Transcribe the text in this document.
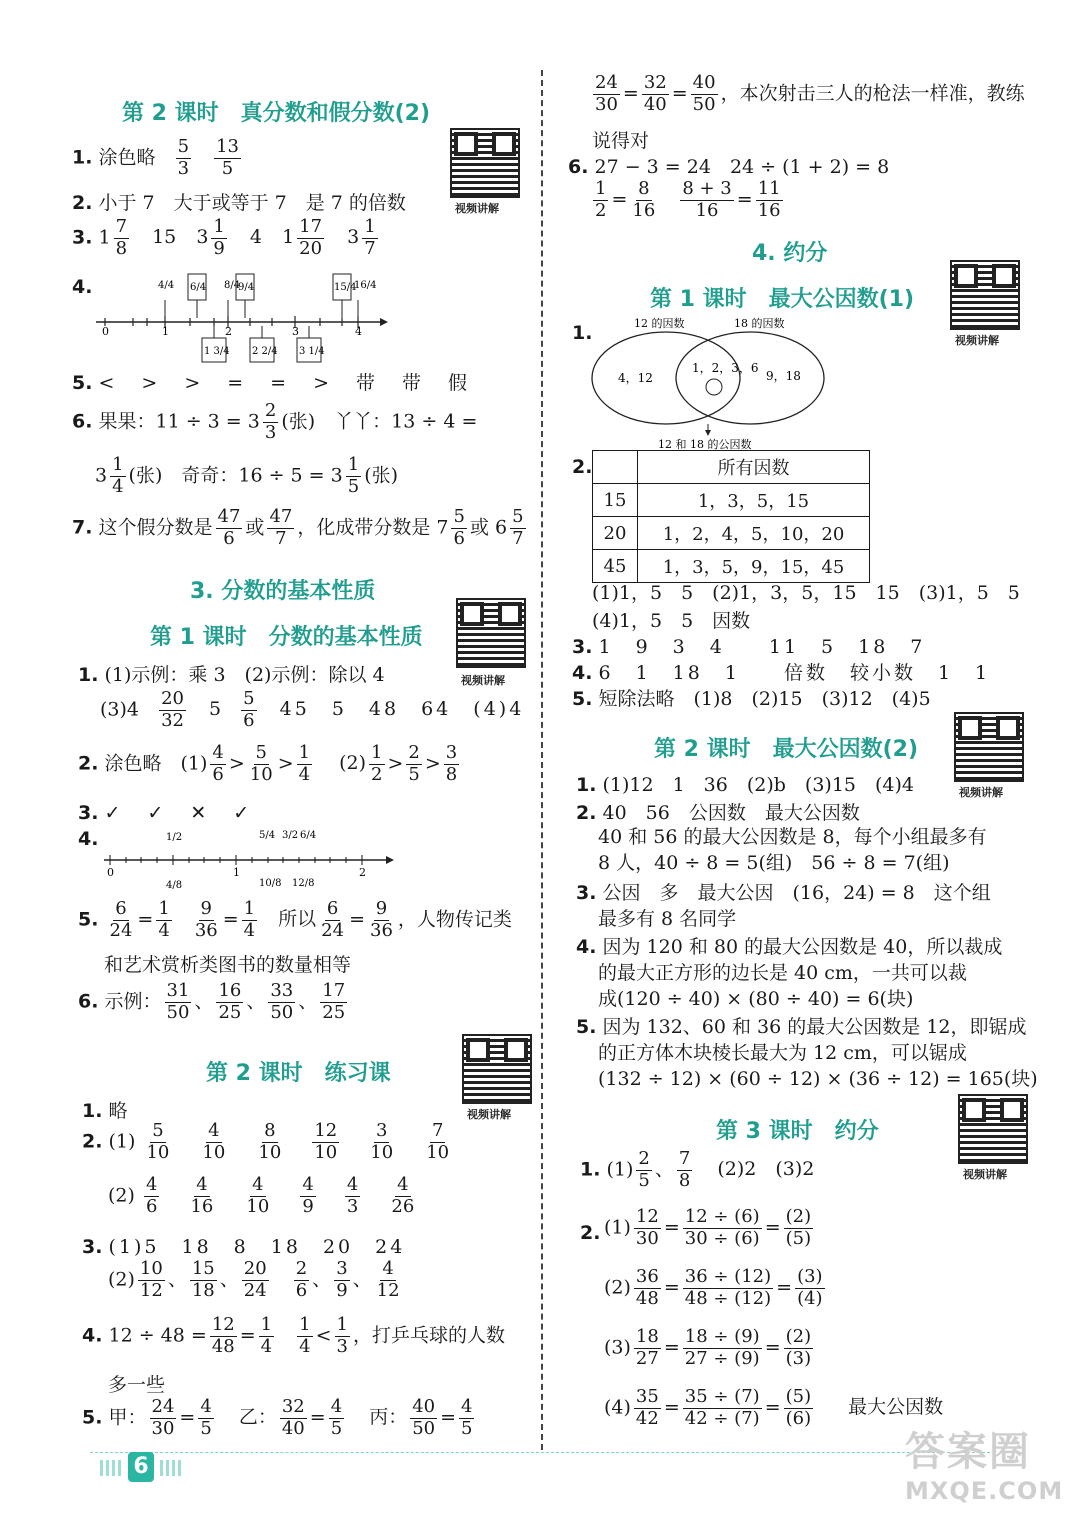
第 2 课时　真分数和假分数(2)
视频讲解
1. 涂色略 $\frac{5}{3}$
$\frac{13}{5}$
2. 小于 7　大于或等于 7　是 7 的倍数
3. $1 \frac{7}{8} 15$ $3 \frac{1}{9} 4$ $1 \frac{17}{20} 3 \frac{1}{7}$
4.
0	1	2	3	4
4/4 6/4 8/4
9/4	15/4
16/4
1 3/4 2 2/4 3 1/4
5. <　>　>　=　=　>　带　带　假
6. 果果：$11 \div 3 = 3 \frac{2}{3}$ (张)　丫丫：13 ÷ 4 =
$3 \frac{1}{4}$ (张)　奇奇：$16 \div 5 = 3 \frac{1}{5}$ (张)
7. 这个假分数是 $\frac{47}{6}$ 或 $\frac{47}{7}$ ，化成带分数是 $7 \frac{5}{6}$ 或 $6 \frac{5}{7}$
3. 分数的基本性质
第 1 课时　分数的基本性质
视频讲解
1. (1)示例：乘 3　(2)示例：除以 4
$(3)4 \frac{20}{32} 5 \frac{5}{6} 45$　5　48　64　(4)4
2. 涂色略　$(1) \frac{4}{6} > \frac{5}{10} > \frac{1}{4} (2) \frac{1}{2} > \frac{2}{5} > \frac{3}{8}$
3. ✓　✓　✕　✓
4.
0	1	2
1/2	5/4 3/2 6/4
4/8	10/8 12/8
5. $\frac{6}{24} = \frac{1}{4}$
$\frac{9}{36} = \frac{1}{4}$ 所以 $\frac{6}{24} = \frac{9}{36}$ ，人物传记类
和艺术赏析类图书的数量相等
6. 示例： $\frac{31}{50}$ 、 $\frac{16}{25}$ 、 $\frac{33}{50}$ 、 $\frac{17}{25}$
第 2 课时　练习课
视频讲解
1. 略
2. $(1) \frac{5}{10}$
$\frac{4}{10}$
$\frac{8}{10}$
$\frac{12}{10}$
$\frac{3}{10}$
$\frac{7}{10}$
$(2) \frac{4}{6}$
$\frac{4}{16}$
$\frac{4}{10}$
$\frac{4}{9}$
$\frac{4}{3}$
$\frac{4}{26}$
3. (1)5　18　8　18　20　24
$(2) \frac{10}{12}$ 、 $\frac{15}{18}$ 、 $\frac{20}{24}$
$\frac{2}{6}$ 、 $\frac{3}{9}$ 、 $\frac{4}{12}$
4. $12 \div 48 = \frac{12}{48} = \frac{1}{4}$
$\frac{1}{4} < \frac{1}{3}$ ，打乒乓球的人数
多一些
5. 甲： $\frac{24}{30} = \frac{4}{5}$ 乙： $\frac{32}{40} = \frac{4}{5}$ 丙： $\frac{40}{50} = \frac{4}{5}$
$\frac{24}{30} = \frac{32}{40} = \frac{40}{50}$ ，本次射击三人的枪法一样准，教练
说得对
6. 27 − 3 = 24　24 ÷ (1 + 2) = 8
$\frac{1}{2} = \frac{8}{16}$
$\frac{8 + 3}{16} = \frac{11}{16}$
4. 约分
第 1 课时　最大公因数(1)
视频讲解
1.	12 的因数	18 的因数
4，12
1，2，3，6
9，18
12 和 18 的公因数
2.
		所有因数
15	1，3，5，15
20	1，2，4，5，10，20
45	1，3，5，9，15，45
(1)1，5　5　(2)1，3，5，15　15　(3)1，5　5
(4)1，5　5　因数
3. 1　9　3　4　　11　5　18　7
4. 6　1　18　1　　倍数　较小数　1　1
5. 短除法略　(1)8　(2)15　(3)12　(4)5
第 2 课时　最大公因数(2)
视频讲解
1. (1)12　1　36　(2)b　(3)15　(4)4
2. 40　56　公因数　最大公因数
40 和 56 的最大公因数是 8，每个小组最多有
8 人，40 ÷ 8 = 5(组)　56 ÷ 8 = 7(组)
3. 公因　多　最大公因　(16，24) = 8　这个组
最多有 8 名同学
4. 因为 120 和 80 的最大公因数是 40，所以裁成
的最大正方形的边长是 40 cm，一共可以裁
成(120 ÷ 40) × (80 ÷ 40) = 6(块)
5. 因为 132、60 和 36 的最大公因数是 12，即锯成
的正方体木块棱长最大为 12 cm，可以锯成
(132 ÷ 12) × (60 ÷ 12) × (36 ÷ 12) = 165(块)
第 3 课时　约分
视频讲解
1. $(1) \frac{2}{5}$ 、 $\frac{7}{8} (2)2$　(3)2
2. $(1) \frac{12}{30} = \frac{12 \div (6)}{30 \div (6)} = \frac{(2)}{(5)}$
$(2) \frac{36}{48} = \frac{36 \div (12)}{48 \div (12)} = \frac{(3)}{(4)}$
$(3) \frac{18}{27} = \frac{18 \div (9)}{27 \div (9)} = \frac{(2)}{(3)}$
$(4) \frac{35}{42} = \frac{35 \div (7)}{42 \div (7)} = \frac{(5)}{(6)}$ 最大公因数
6	答案圈
MXQE.COM
